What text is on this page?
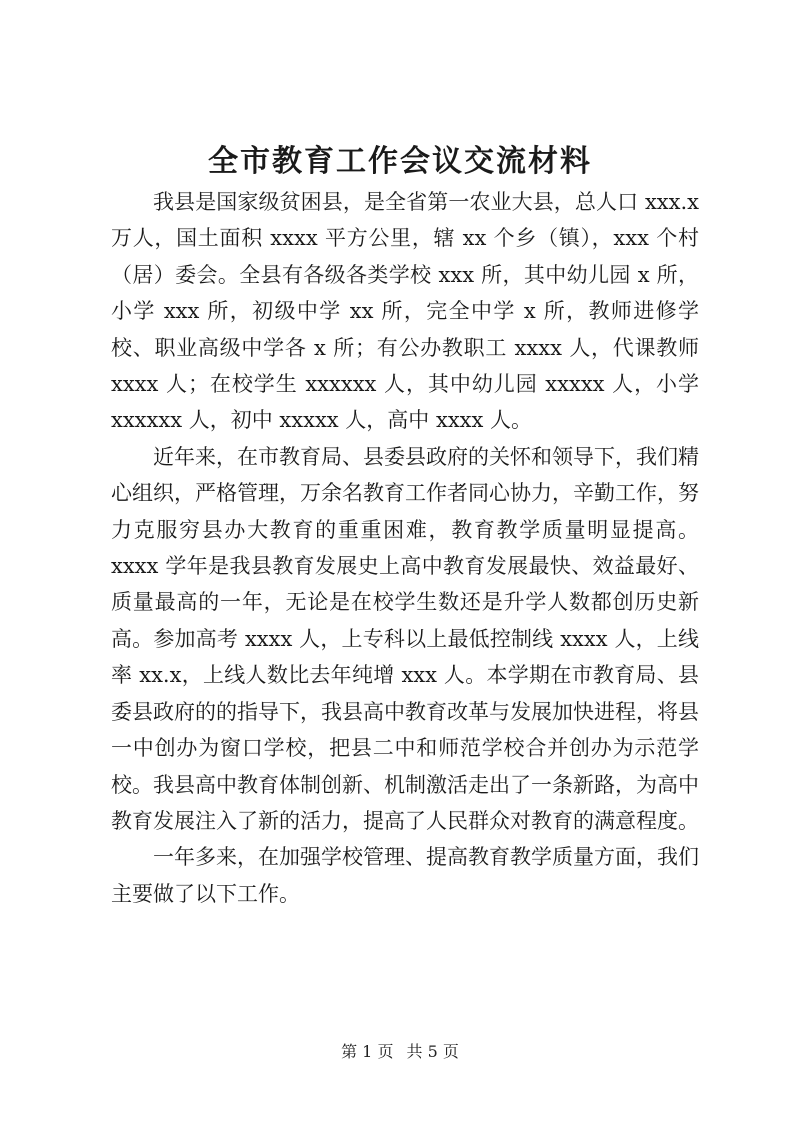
全市教育工作会议交流材料

我县是国家级贫困县，是全省第一农业大县，总人口 xxx.x 万人，国土面积 xxxx 平方公里，辖 xx 个乡（镇），xxx 个村（居）委会。全县有各级各类学校 xxx 所，其中幼儿园 x 所，小学 xxx 所，初级中学 xx 所，完全中学 x 所，教师进修学校、职业高级中学各 x 所；有公办教职工 xxxx 人，代课教师 xxxx 人；在校学生 xxxxxx 人，其中幼儿园 xxxxx 人，小学 xxxxxx 人，初中 xxxxx 人，高中 xxxx 人。

近年来，在市教育局、县委县政府的关怀和领导下，我们精心组织，严格管理，万余名教育工作者同心协力，辛勤工作，努力克服穷县办大教育的重重困难，教育教学质量明显提高。xxxx 学年是我县教育发展史上高中教育发展最快、效益最好、质量最高的一年，无论是在校学生数还是升学人数都创历史新高。参加高考 xxxx 人，上专科以上最低控制线 xxxx 人，上线率 xx.x，上线人数比去年纯增 xxx 人。本学期在市教育局、县委县政府的的指导下，我县高中教育改革与发展加快进程，将县一中创办为窗口学校，把县二中和师范学校合并创办为示范学校。我县高中教育体制创新、机制激活走出了一条新路，为高中教育发展注入了新的活力，提高了人民群众对教育的满意程度。

一年多来，在加强学校管理、提高教育教学质量方面，我们主要做了以下工作。

第 1 页 共 5 页
